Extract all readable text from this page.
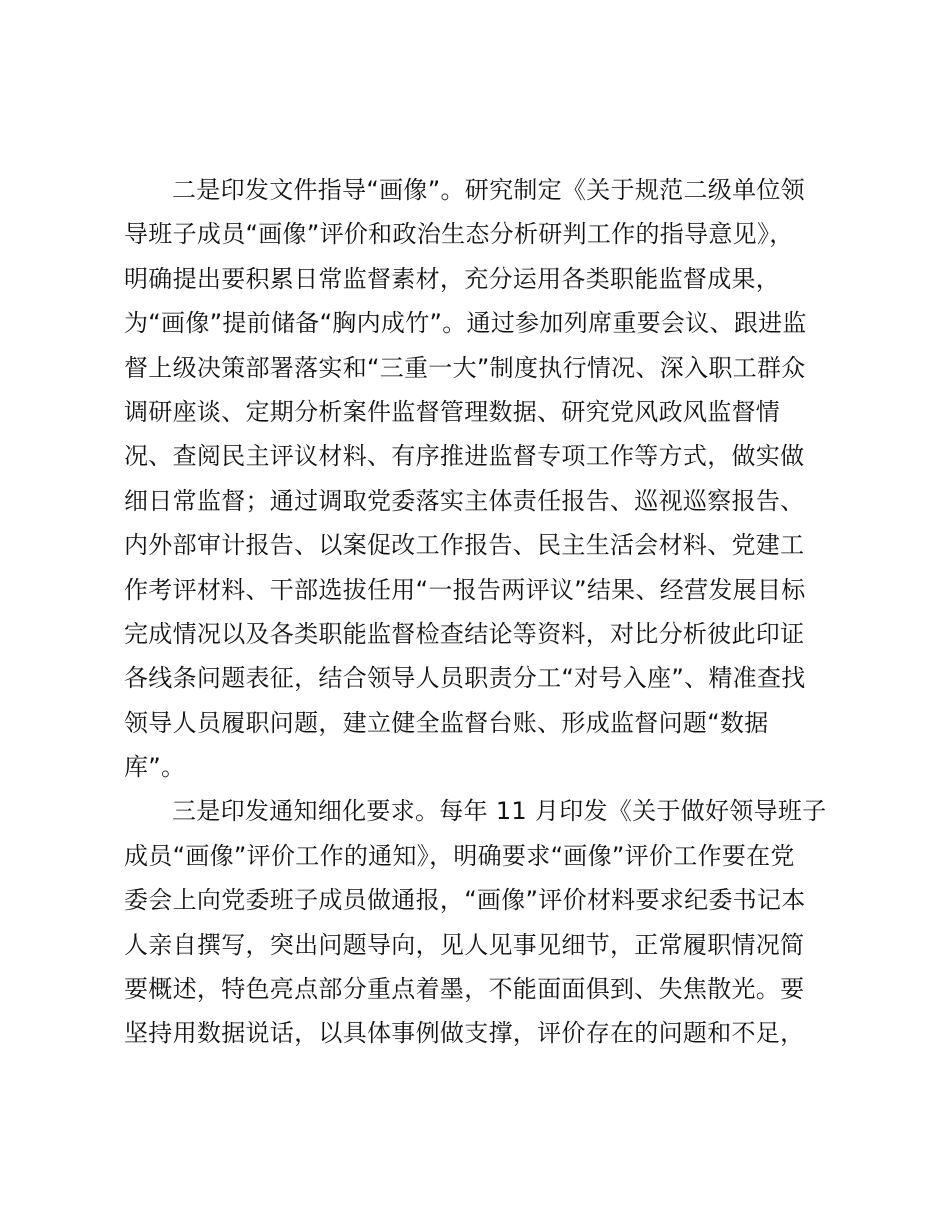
二是印发文件指导“画像”。研究制定《关于规范二级单位领
导班子成员“画像”评价和政治生态分析研判工作的指导意见》，
明确提出要积累日常监督素材，充分运用各类职能监督成果，
为“画像”提前储备“胸内成竹”。通过参加列席重要会议、跟进监
督上级决策部署落实和“三重一大”制度执行情况、深入职工群众
调研座谈、定期分析案件监督管理数据、研究党风政风监督情
况、查阅民主评议材料、有序推进监督专项工作等方式，做实做
细日常监督；通过调取党委落实主体责任报告、巡视巡察报告、
内外部审计报告、以案促改工作报告、民主生活会材料、党建工
作考评材料、干部选拔任用“一报告两评议”结果、经营发展目标
完成情况以及各类职能监督检查结论等资料，对比分析彼此印证
各线条问题表征，结合领导人员职责分工“对号入座”、精准查找
领导人员履职问题，建立健全监督台账、形成监督问题“数据
库”。
三是印发通知细化要求。每年 11 月印发《关于做好领导班子
成员“画像”评价工作的通知》，明确要求“画像”评价工作要在党
委会上向党委班子成员做通报，“画像”评价材料要求纪委书记本
人亲自撰写，突出问题导向，见人见事见细节，正常履职情况简
要概述，特色亮点部分重点着墨，不能面面俱到、失焦散光。要
坚持用数据说话，以具体事例做支撑，评价存在的问题和不足，
